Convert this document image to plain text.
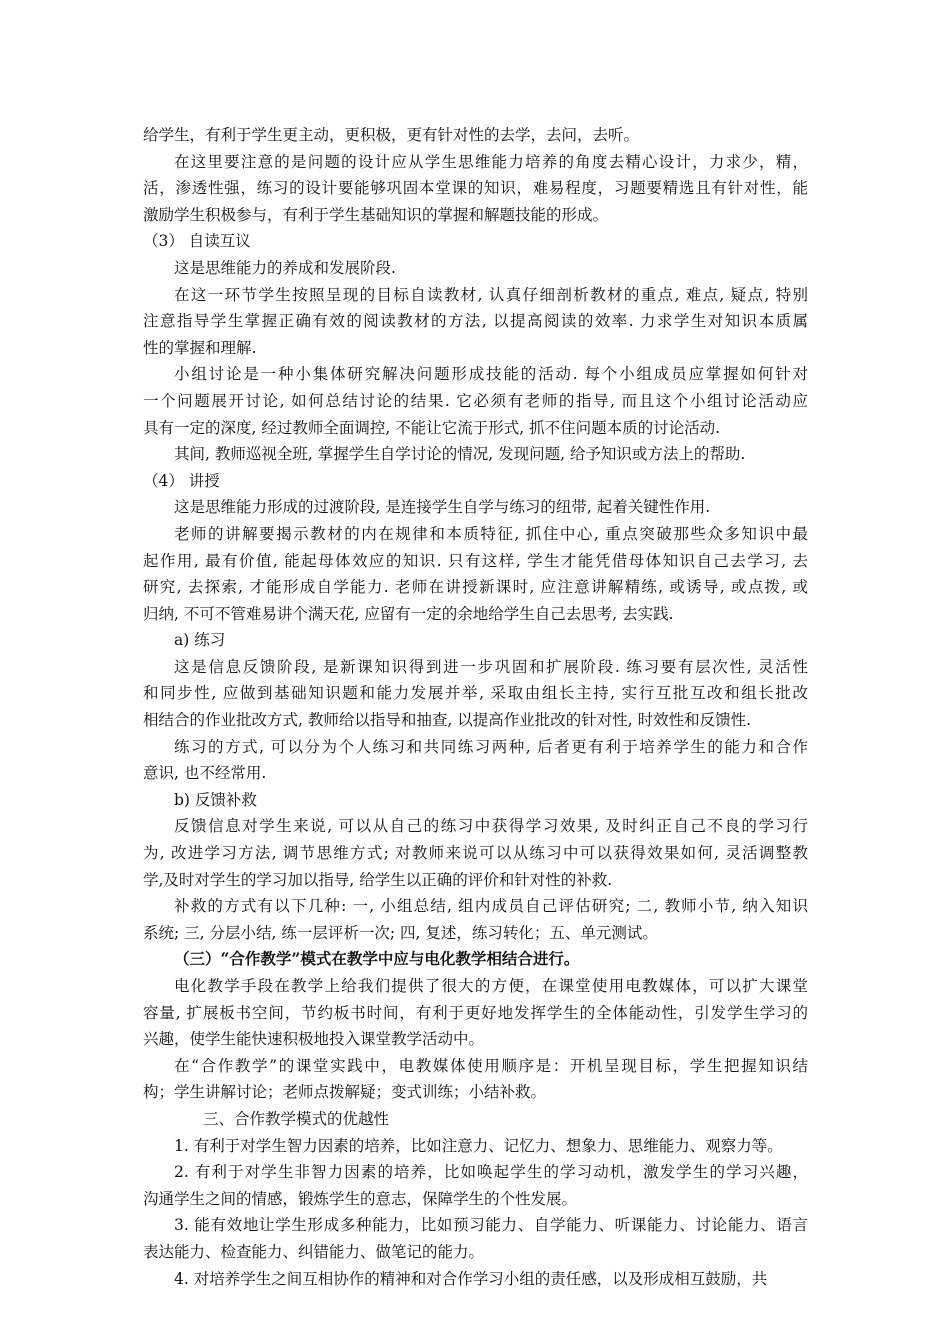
给学生，有利于学生更主动，更积极，更有针对性的去学，去问，去听。
在这里要注意的是问题的设计应从学生思维能力培养的角度去精心设计，力求少，精，
活，渗透性强，练习的设计要能够巩固本堂课的知识，难易程度，习题要精选且有针对性，能
激励学生积极参与，有利于学生基础知识的掌握和解题技能的形成。
（3） 自读互议
这是思维能力的养成和发展阶段.
在这一环节学生按照呈现的目标自读教材, 认真仔细剖析教材的重点, 难点, 疑点, 特别
注意指导学生掌握正确有效的阅读教材的方法, 以提高阅读的效率. 力求学生对知识本质属
性的掌握和理解.
小组讨论是一种小集体研究解决问题形成技能的活动. 每个小组成员应掌握如何针对
一个问题展开讨论, 如何总结讨论的结果. 它必须有老师的指导, 而且这个小组讨论活动应
具有一定的深度, 经过教师全面调控, 不能让它流于形式, 抓不住问题本质的讨论活动.
其间, 教师巡视全班, 掌握学生自学讨论的情况, 发现问题, 给予知识或方法上的帮助.
（4） 讲授
这是思维能力形成的过渡阶段, 是连接学生自学与练习的纽带, 起着关键性作用.
老师的讲解要揭示教材的内在规律和本质特征, 抓住中心, 重点突破那些众多知识中最
起作用, 最有价值, 能起母体效应的知识. 只有这样, 学生才能凭借母体知识自己去学习, 去
研究, 去探索, 才能形成自学能力. 老师在讲授新课时, 应注意讲解精练, 或诱导, 或点拨, 或
归纳, 不可不管难易讲个满天花, 应留有一定的余地给学生自己去思考, 去实践.
a) 练习
这是信息反馈阶段, 是新课知识得到进一步巩固和扩展阶段. 练习要有层次性, 灵活性
和同步性, 应做到基础知识题和能力发展并举, 采取由组长主持, 实行互批互改和组长批改
相结合的作业批改方式, 教师给以指导和抽查, 以提高作业批改的针对性, 时效性和反馈性.
练习的方式, 可以分为个人练习和共同练习两种, 后者更有利于培养学生的能力和合作
意识, 也不经常用.
b) 反馈补救
反馈信息对学生来说, 可以从自己的练习中获得学习效果, 及时纠正自己不良的学习行
为, 改进学习方法, 调节思维方式; 对教师来说可以从练习中可以获得效果如何, 灵活调整教
学,及时对学生的学习加以指导, 给学生以正确的评价和针对性的补救.
补救的方式有以下几种: 一, 小组总结, 组内成员自己评估研究; 二, 教师小节, 纳入知识
系统; 三, 分层小结, 练一层评析一次; 四, 复述，练习转化；五、单元测试。
（三）“合作教学”模式在教学中应与电化教学相结合进行。
电化教学手段在教学上给我们提供了很大的方便，在课堂使用电教媒体，可以扩大课堂
容量, 扩展板书空间，节约板书时间，有利于更好地发挥学生的全体能动性，引发学生学习的
兴趣，使学生能快速积极地投入课堂教学活动中。
在“合作教学”的课堂实践中，电教媒体使用顺序是：开机呈现目标，学生把握知识结
构；学生讲解讨论；老师点拨解疑；变式训练；小结补救。
三、合作教学模式的优越性
1. 有利于对学生智力因素的培养，比如注意力、记忆力、想象力、思维能力、观察力等。
2. 有利于对学生非智力因素的培养，比如唤起学生的学习动机，激发学生的学习兴趣，
沟通学生之间的情感，锻炼学生的意志，保障学生的个性发展。
3. 能有效地让学生形成多种能力，比如预习能力、自学能力、听课能力、讨论能力、语言
表达能力、检查能力、纠错能力、做笔记的能力。
4. 对培养学生之间互相协作的精神和对合作学习小组的责任感，以及形成相互鼓励，共
